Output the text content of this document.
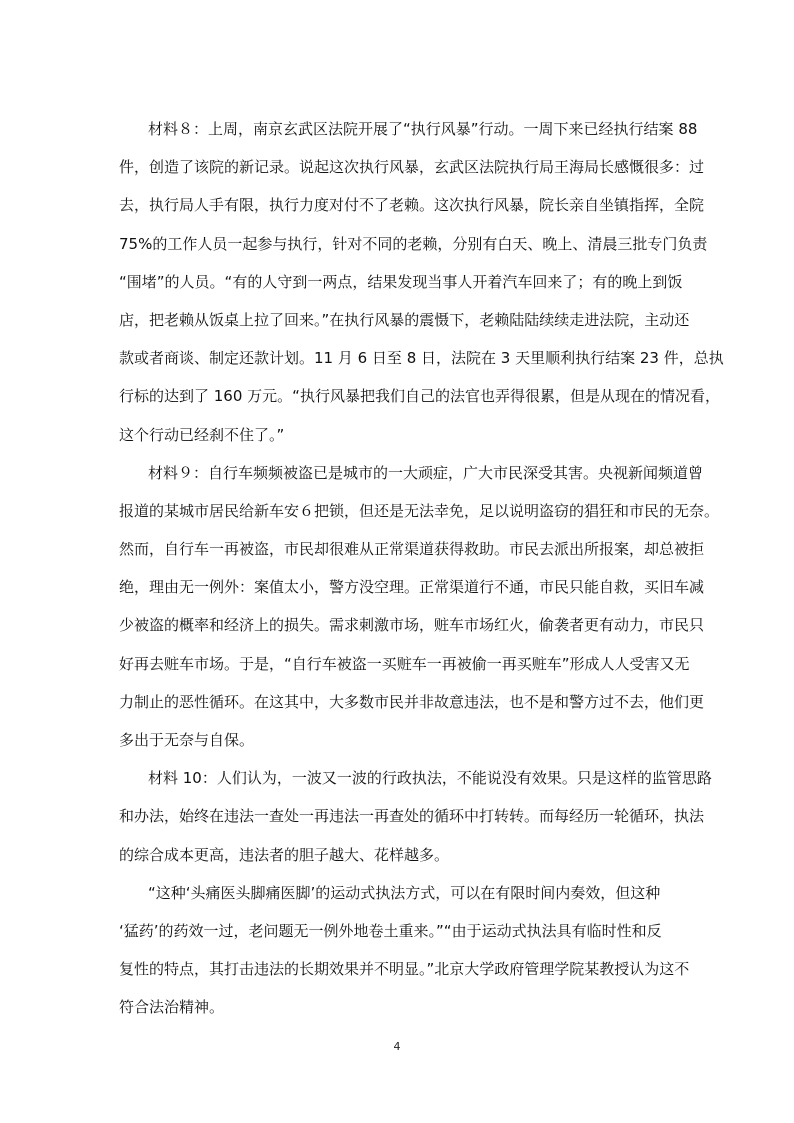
材料８：上周，南京玄武区法院开展了“执行风暴”行动。一周下来已经执行结案 88
件，创造了该院的新记录。说起这次执行风暴，玄武区法院执行局王海局长感慨很多：过
去，执行局人手有限，执行力度对付不了老赖。这次执行风暴，院长亲自坐镇指挥，全院
75%的工作人员一起参与执行，针对不同的老赖，分别有白天、晚上、清晨三批专门负责
“围堵”的人员。“有的人守到一两点，结果发现当事人开着汽车回来了；有的晚上到饭
店，把老赖从饭桌上拉了回来。”在执行风暴的震慑下，老赖陆陆续续走进法院，主动还
款或者商谈、制定还款计划。11 月 6 日至 8 日，法院在 3 天里顺利执行结案 23 件，总执
行标的达到了 160 万元。“执行风暴把我们自己的法官也弄得很累，但是从现在的情况看，
这个行动已经刹不住了。”
材料９：自行车频频被盗已是城市的一大顽症，广大市民深受其害。央视新闻频道曾
报道的某城市居民给新车安６把锁，但还是无法幸免，足以说明盗窃的猖狂和市民的无奈。
然而，自行车一再被盗，市民却很难从正常渠道获得救助。市民去派出所报案，却总被拒
绝，理由无一例外：案值太小，警方没空理。正常渠道行不通，市民只能自救，买旧车减
少被盗的概率和经济上的损失。需求刺激市场，赃车市场红火，偷袭者更有动力，市民只
好再去赃车市场。于是，“自行车被盗一买赃车一再被偷一再买赃车”形成人人受害又无
力制止的恶性循环。在这其中，大多数市民并非故意违法，也不是和警方过不去，他们更
多出于无奈与自保。
材料 10：人们认为，一波又一波的行政执法，不能说没有效果。只是这样的监管思路
和办法，始终在违法一查处一再违法一再查处的循环中打转转。而每经历一轮循环，执法
的综合成本更高，违法者的胆子越大、花样越多。
“这种‘头痛医头脚痛医脚’的运动式执法方式，可以在有限时间内奏效，但这种
‘猛药’的药效一过，老问题无一例外地卷土重来。”“由于运动式执法具有临时性和反
复性的特点，其打击违法的长期效果并不明显。”北京大学政府管理学院某教授认为这不
符合法治精神。
4
